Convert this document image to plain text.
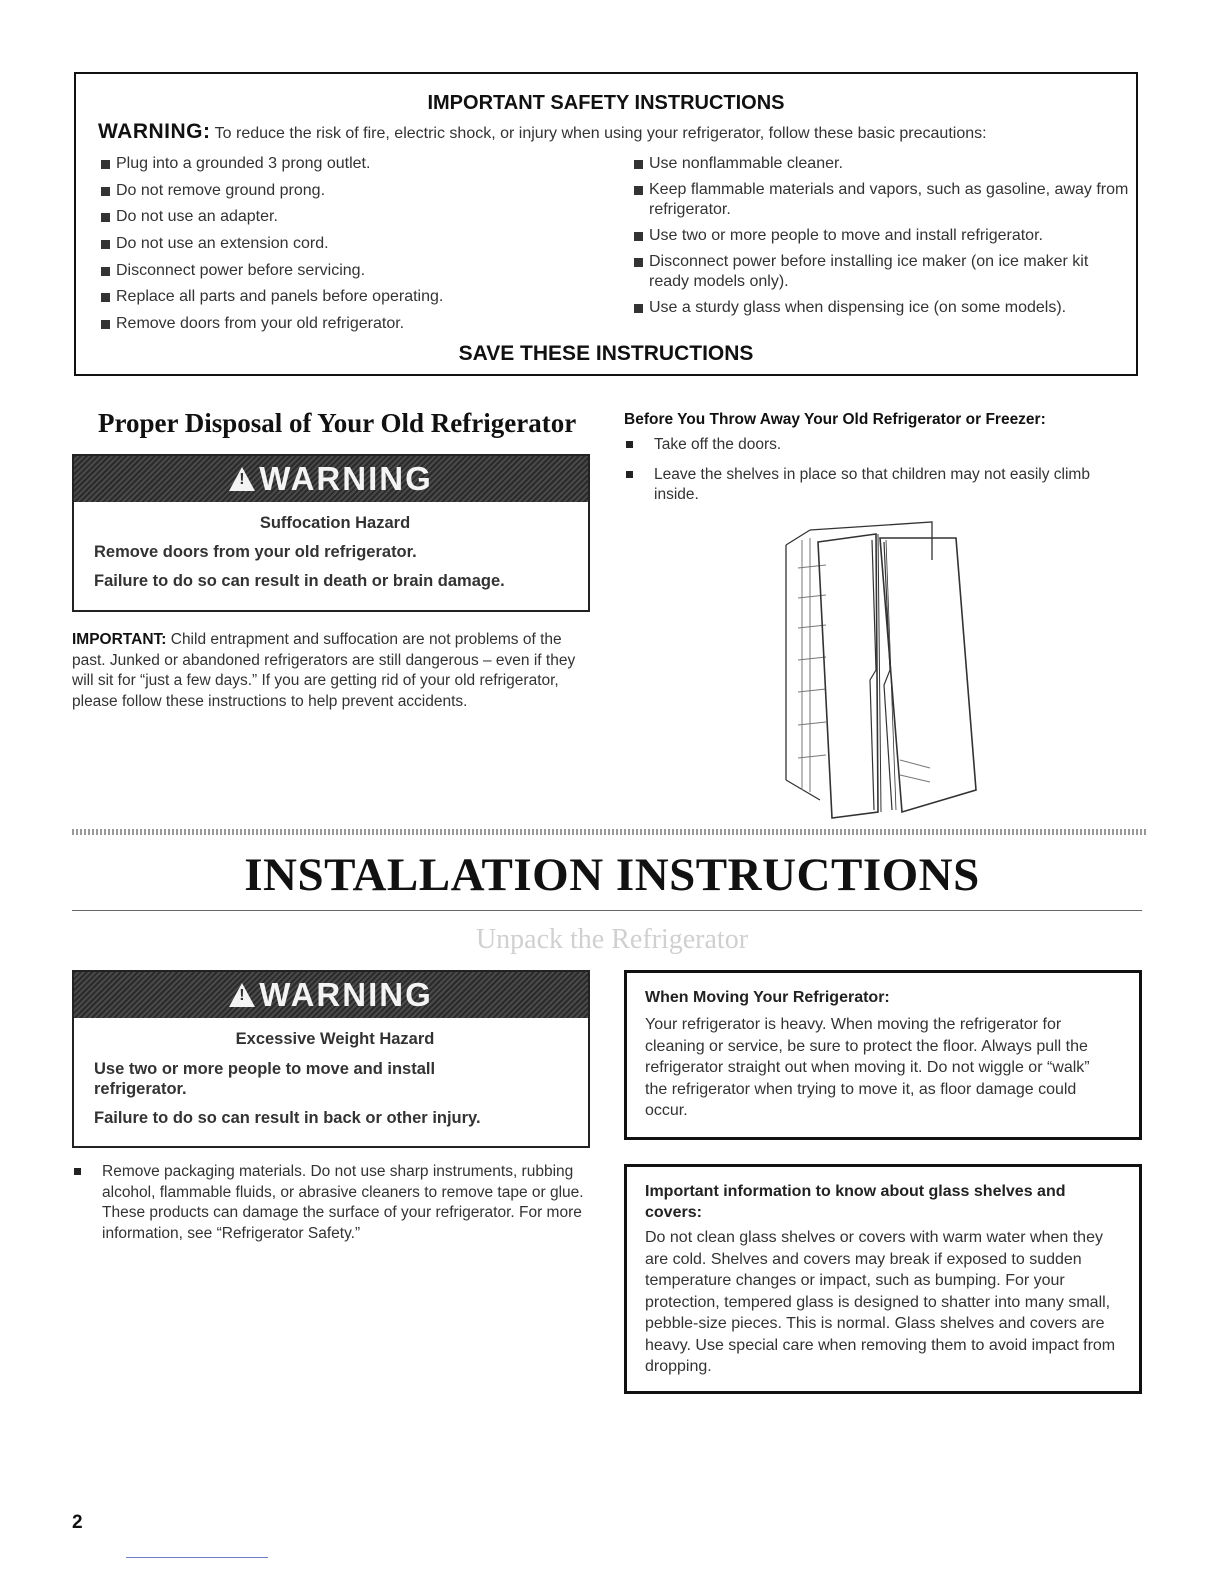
IMPORTANT SAFETY INSTRUCTIONS
WARNING: To reduce the risk of fire, electric shock, or injury when using your refrigerator, follow these basic precautions:
Plug into a grounded 3 prong outlet.
Do not remove ground prong.
Do not use an adapter.
Do not use an extension cord.
Disconnect power before servicing.
Replace all parts and panels before operating.
Remove doors from your old refrigerator.
Use nonflammable cleaner.
Keep flammable materials and vapors, such as gasoline, away from refrigerator.
Use two or more people to move and install refrigerator.
Disconnect power before installing ice maker (on ice maker kit ready models only).
Use a sturdy glass when dispensing ice (on some models).
SAVE THESE INSTRUCTIONS
Proper Disposal of Your Old Refrigerator
!
WARNING
Suffocation Hazard
Remove doors from your old refrigerator.
Failure to do so can result in death or brain damage.
IMPORTANT: Child entrapment and suffocation are not problems of the past. Junked or abandoned refrigerators are still dangerous – even if they will sit for “just a few days.” If you are getting rid of your old refrigerator, please follow these instructions to help prevent accidents.
Before You Throw Away Your Old Refrigerator or Freezer:
Take off the doors.
Leave the shelves in place so that children may not easily climb inside.
INSTALLATION INSTRUCTIONS
Unpack the Refrigerator
!
WARNING
Excessive Weight Hazard
Use two or more people to move and install refrigerator.
Failure to do so can result in back or other injury.
Remove packaging materials. Do not use sharp instruments, rubbing alcohol, flammable fluids, or abrasive cleaners to remove tape or glue. These products can damage the surface of your refrigerator. For more information, see “Refrigerator Safety.”
When Moving Your Refrigerator:
Your refrigerator is heavy. When moving the refrigerator for cleaning or service, be sure to protect the floor. Always pull the refrigerator straight out when moving it. Do not wiggle or “walk” the refrigerator when trying to move it, as floor damage could occur.
Important information to know about glass shelves and covers:
Do not clean glass shelves or covers with warm water when they are cold. Shelves and covers may break if exposed to sudden temperature changes or impact, such as bumping. For your protection, tempered glass is designed to shatter into many small, pebble-size pieces. This is normal. Glass shelves and covers are heavy. Use special care when removing them to avoid impact from dropping.
2
